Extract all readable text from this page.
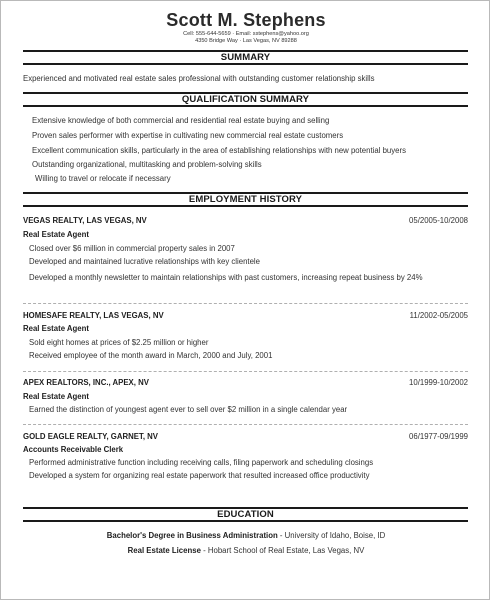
Scott M. Stephens
Cell: 555-644-5659 · Email: sstephens@yahoo.org
4350 Bridge Way · Las Vegas, NV 89288
SUMMARY
Experienced and motivated real estate sales professional with outstanding customer relationship skills
QUALIFICATION SUMMARY
Extensive knowledge of both commercial and residential real estate buying and selling
Proven sales performer with expertise in cultivating new commercial real estate customers
Excellent communication skills, particularly in the area of establishing relationships with new potential buyers
Outstanding organizational, multitasking and problem-solving skills
Willing to travel or relocate if necessary
EMPLOYMENT HISTORY
VEGAS REALTY, LAS VEGAS, NV	05/2005-10/2008
Real Estate Agent
Closed over $6 million in commercial property sales in 2007
Developed and maintained lucrative relationships with key clientele
Developed a monthly newsletter to maintain relationships with past customers, increasing repeat business by 24%
HOMESAFE REALTY, LAS VEGAS, NV	11/2002-05/2005
Real Estate Agent
Sold eight homes at prices of $2.25 million or higher
Received employee of the month award in March, 2000 and July, 2001
APEX REALTORS, INC., APEX, NV	10/1999-10/2002
Real Estate Agent
Earned the distinction of youngest agent ever to sell over $2 million in a single calendar year
GOLD EAGLE REALTY, GARNET, NV	06/1977-09/1999
Accounts Receivable Clerk
Performed administrative function including receiving calls, filing paperwork and scheduling closings
Developed a system for organizing real estate paperwork that resulted increased office productivity
EDUCATION
Bachelor's Degree in Business Administration - University of Idaho, Boise, ID
Real Estate License - Hobart School of Real Estate, Las Vegas, NV
